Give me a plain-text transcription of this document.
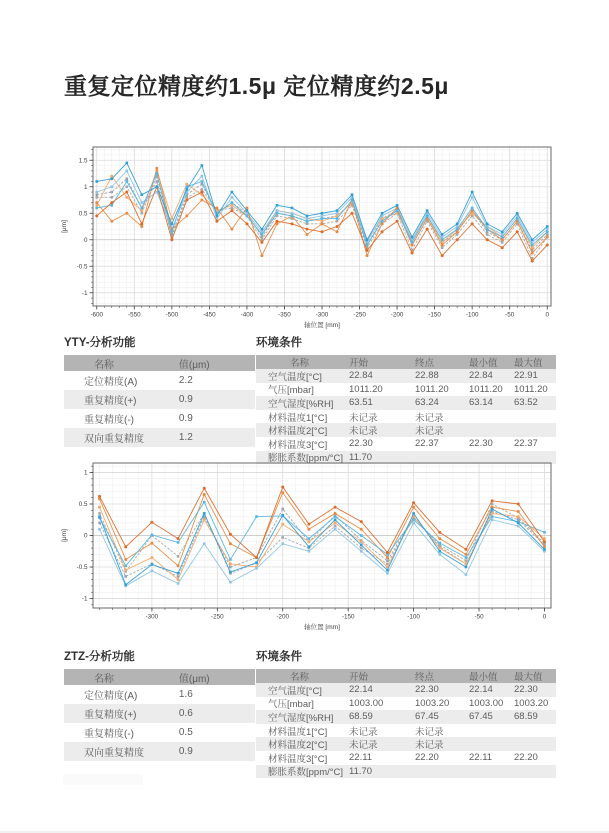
重复定位精度约1.5μ 定位精度约2.5μ
-600	-550	-500	-450	-400	-350	-300	-250	-200	-150	-100	-50	0
-1
-0.5
0
0.5
1
1.5
轴位置 [mm]
[μm]
YTY-分析功能
名称	值(μm)
定位精度(A)	2.2
重复精度(+)	0.9
重复精度(-)	0.9
双向重复精度	1.2
环境条件
名称	开始	终点	最小值	最大值
空气温度[°C]	22.84	22.88	22.84	22.91
气压[mbar]	1011.20	1011.20	1011.20	1011.20
空气湿度[%RH]	63.51	63.24	63.14	63.52
材料温度1[°C]	未记录	未记录
材料温度2[°C]	未记录	未记录
材料温度3[°C]	22.30	22.37	22.30	22.37
膨胀系数[ppm/°C] 11.70
-300	-250	-200	-150	-100	-50	0
-1
-0.5
0
0.5
1
轴位置 [mm]
[μm]
ZTZ-分析功能
名称	值(μm)
定位精度(A)	1.6
重复精度(+)	0.6
重复精度(-)	0.5
双向重复精度	0.9
环境条件
名称	开始	终点	最小值	最大值
空气温度[°C]	22.14	22.30	22.14	22.30
气压[mbar]	1003.00	1003.20	1003.00	1003.20
空气湿度[%RH]	68.59	67.45	67.45	68.59
材料温度1[°C]	未记录	未记录
材料温度2[°C]	未记录	未记录
材料温度3[°C]	22.11	22.20	22.11	22.20
膨胀系数[ppm/°C] 11.70
